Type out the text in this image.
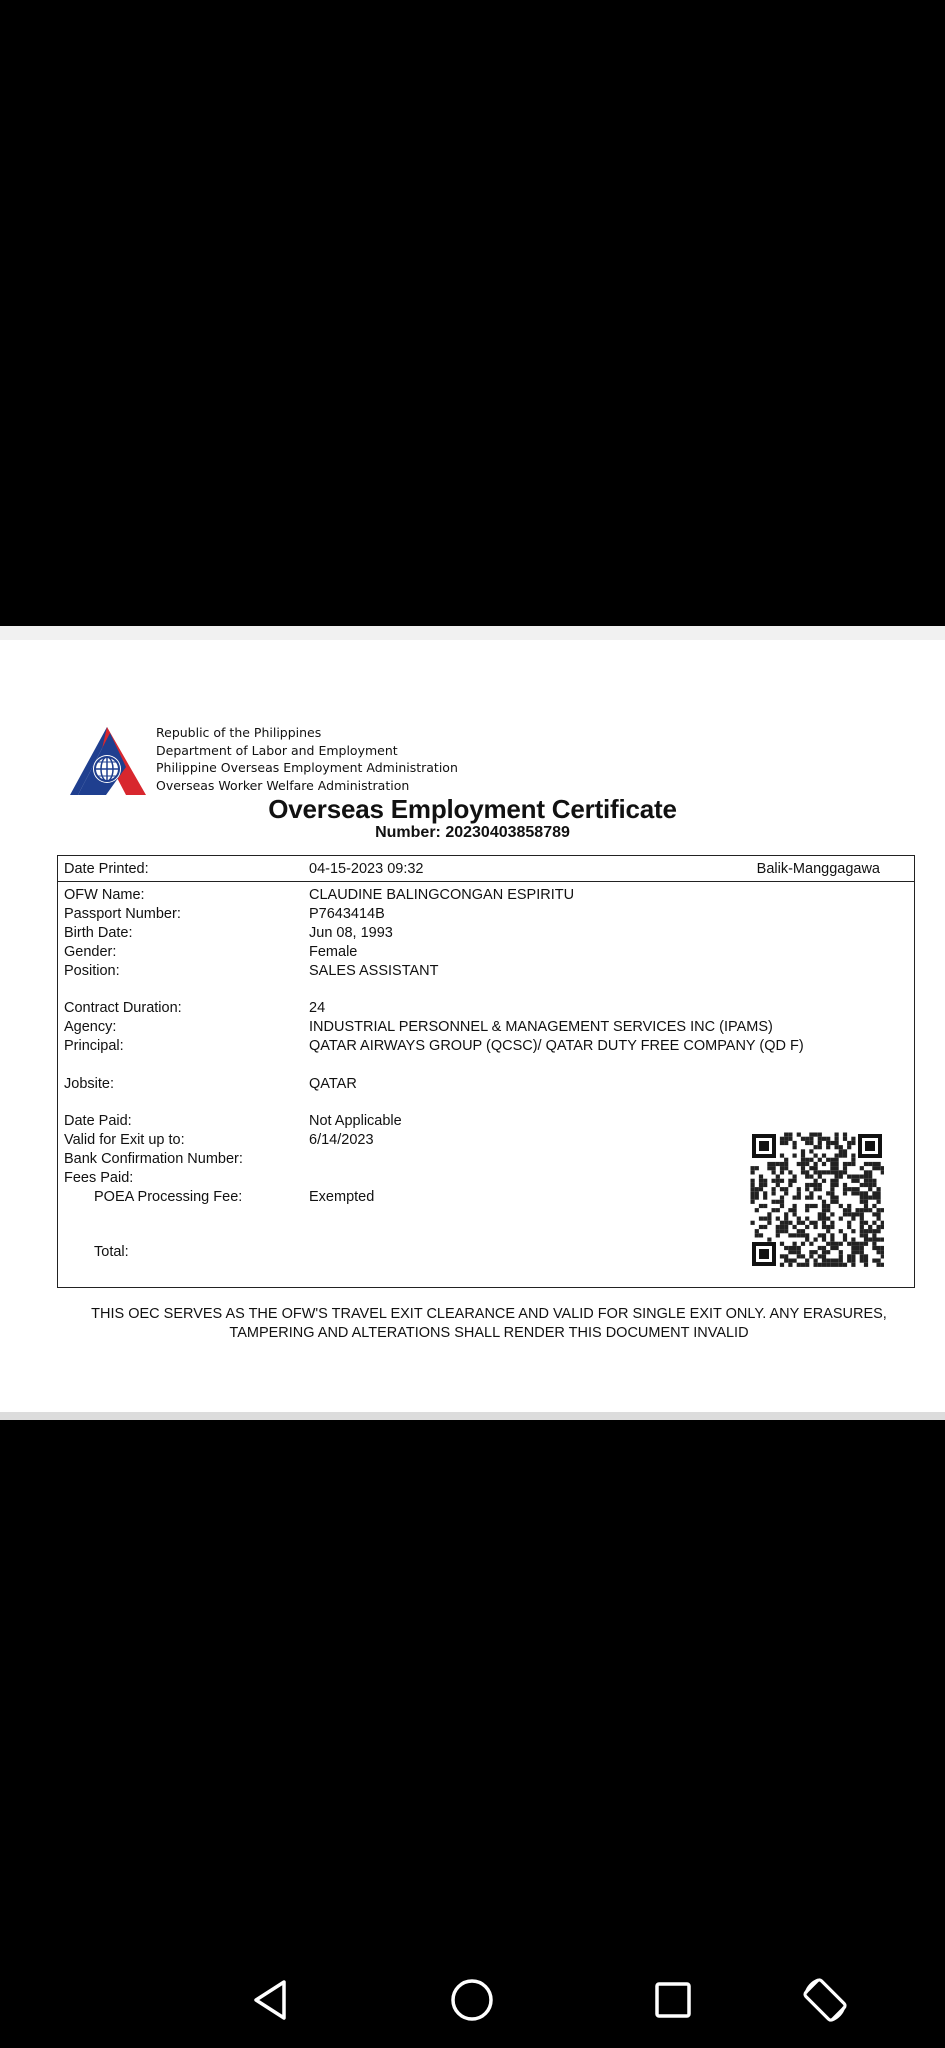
Republic of the Philippines
Department of Labor and Employment
Philippine Overseas Employment Administration
Overseas Worker Welfare Administration
Overseas Employment Certificate
Number: 20230403858789
Date Printed:	04-15-2023 09:32	Balik-Manggagawa
OFW Name:	CLAUDINE BALINGCONGAN ESPIRITU
Passport Number:	P7643414B
Birth Date:	Jun 08, 1993
Gender:	Female
Position:	SALES ASSISTANT
Contract Duration:	24
Agency:	INDUSTRIAL PERSONNEL & MANAGEMENT SERVICES INC (IPAMS)
Principal:	QATAR AIRWAYS GROUP (QCSC)/ QATAR DUTY FREE COMPANY (QD F)
Jobsite:	QATAR
Date Paid:	Not Applicable
Valid for Exit up to:	6/14/2023
Bank Confirmation Number:
Fees Paid:
POEA Processing Fee:	Exempted
Total:
THIS OEC SERVES AS THE OFW'S TRAVEL EXIT CLEARANCE AND VALID FOR SINGLE EXIT ONLY. ANY ERASURES, TAMPERING AND ALTERATIONS SHALL RENDER THIS DOCUMENT INVALID
